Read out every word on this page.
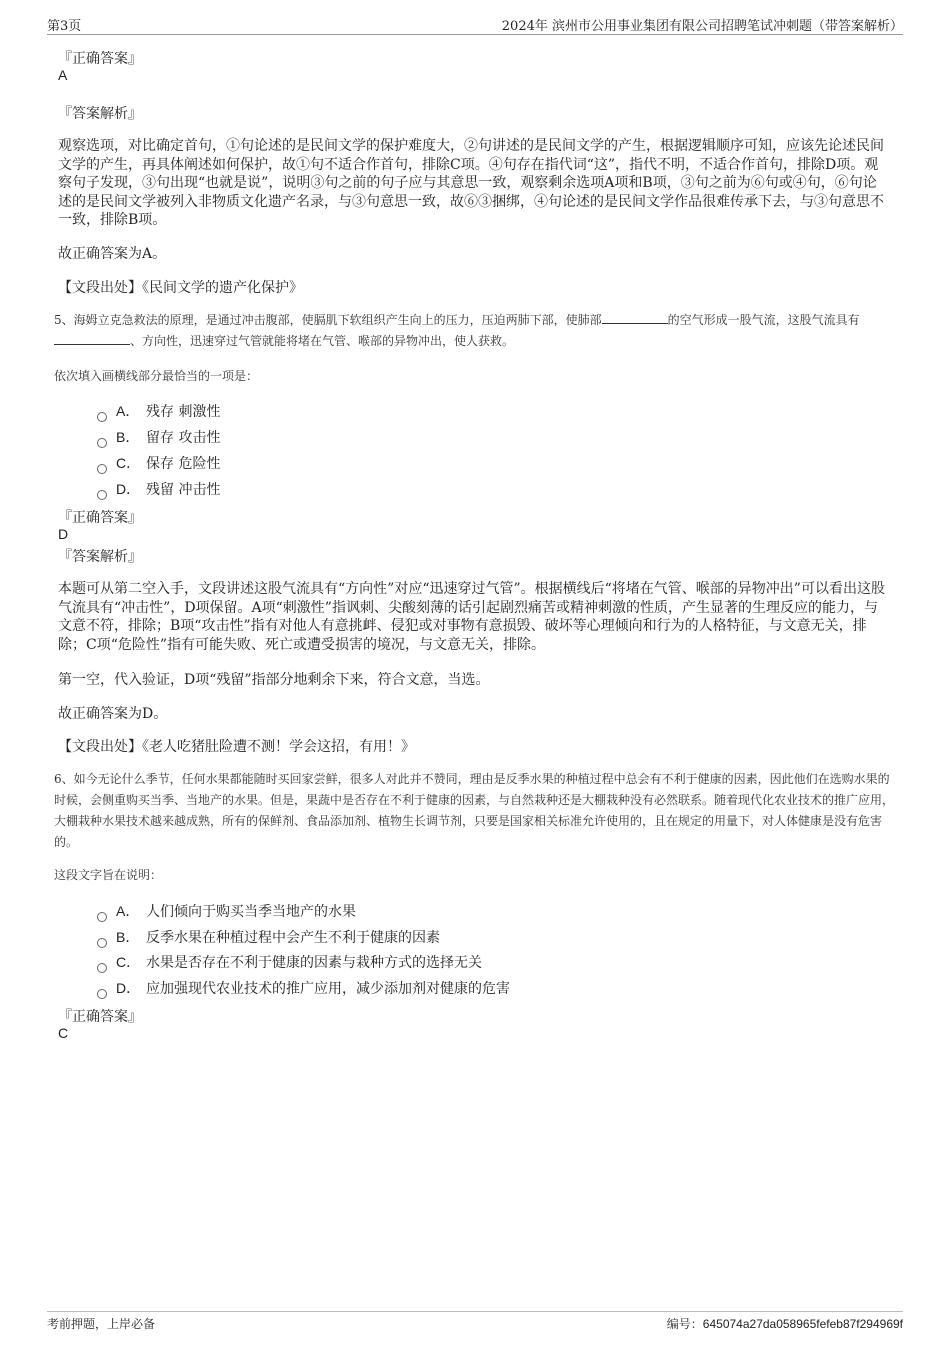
第3页	2024年 滨州市公用事业集团有限公司招聘笔试冲刺题（带答案解析）
『正确答案』
A
『答案解析』
观察选项，对比确定首句，①句论述的是民间文学的保护难度大，②句讲述的是民间文学的产生，根据逻辑顺序可知，应该先论述民间文学的产生，再具体阐述如何保护，故①句不适合作首句，排除C项。④句存在指代词“这”，指代不明，不适合作首句，排除D项。观察句子发现，③句出现“也就是说”，说明③句之前的句子应与其意思一致，观察剩余选项A项和B项，③句之前为⑥句或④句，⑥句论述的是民间文学被列入非物质文化遗产名录，与③句意思一致，故⑥③捆绑，④句论述的是民间文学作品很难传承下去，与③句意思不一致，排除B项。
故正确答案为A。
【文段出处】《民间文学的遗产化保护》
5、海姆立克急救法的原理，是通过冲击腹部，使膈肌下软组织产生向上的压力，压迫两肺下部，使肺部	的空气形成一股气流，这股气流具有、方向性，迅速穿过气管就能将堵在气管、喉部的异物冲出，使人获救。
依次填入画横线部分最恰当的一项是：
A． 残存 刺激性
B． 留存 攻击性
C． 保存 危险性
D． 残留 冲击性
『正确答案』
D
『答案解析』
本题可从第二空入手，文段讲述这股气流具有“方向性”对应“迅速穿过气管”。根据横线后“将堵在气管、喉部的异物冲出”可以看出这股气流具有“冲击性”，D项保留。A项“刺激性”指讽刺、尖酸刻薄的话引起剧烈痛苦或精神刺激的性质，产生显著的生理反应的能力，与文意不符，排除；B项“攻击性”指有对他人有意挑衅、侵犯或对事物有意损毁、破坏等心理倾向和行为的人格特征，与文意无关，排除；C项“危险性”指有可能失败、死亡或遭受损害的境况，与文意无关，排除。
第一空，代入验证，D项“残留”指部分地剩余下来，符合文意，当选。
故正确答案为D。
【文段出处】《老人吃猪肚险遭不测！学会这招，有用！》
6、如今无论什么季节，任何水果都能随时买回家尝鲜，很多人对此并不赞同，理由是反季水果的种植过程中总会有不利于健康的因素，因此他们在选购水果的时候，会侧重购买当季、当地产的水果。但是，果蔬中是否存在不利于健康的因素，与自然栽种还是大棚栽种没有必然联系。随着现代化农业技术的推广应用，大棚栽种水果技术越来越成熟，所有的保鲜剂、食品添加剂、植物生长调节剂，只要是国家相关标准允许使用的，且在规定的用量下，对人体健康是没有危害的。
这段文字旨在说明：
A． 人们倾向于购买当季当地产的水果
B． 反季水果在种植过程中会产生不利于健康的因素
C． 水果是否存在不利于健康的因素与栽种方式的选择无关
D． 应加强现代农业技术的推广应用，减少添加剂对健康的危害
『正确答案』
C
考前押题，上岸必备	编号：645074a27da058965fefeb87f294969f
